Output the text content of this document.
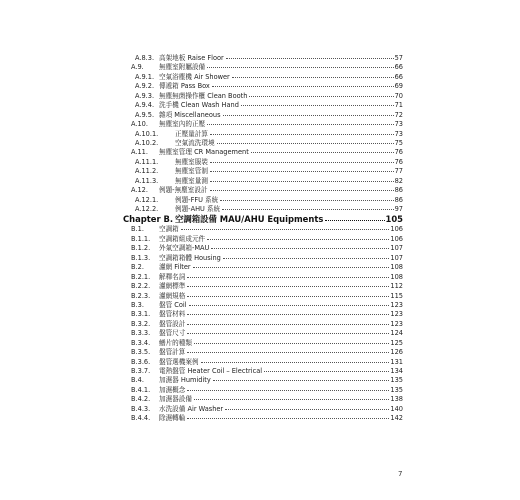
A.8.3. 高架地板 Raise Floor	57
A.9. 無塵室附屬設備	66
A.9.1. 空氣浴塵機 Air Shower	66
A.9.2. 傳遞箱 Pass Box	69
A.9.3. 無塵無菌操作櫃 Clean Booth	70
A.9.4. 洗手機 Clean Wash Hand	71
A.9.5. 雜項 Miscellaneous	72
A.10. 無塵室內的正壓	73
A.10.1.	正壓量計算	73
A.10.2.	空氣流洗環境	75
A.11. 無塵室管理 CR Management	76
A.11.1.	無塵室服裝	76
A.11.2.	無塵室管制	77
A.11.3.	無塵室量測	82
A.12. 例題-無塵室設計	86
A.12.1.	例題-FFU 系統	86
A.12.2.	例題-AHU 系統	97
Chapter B. 空調箱設備 MAU/AHU Equipments	105
B.1. 空調箱	106
B.1.1. 空調箱組成元件	106
B.1.2. 外氣空調箱-MAU	107
B.1.3. 空調箱箱體 Housing	107
B.2. 濾網 Filter	108
B.2.1. 解釋名詞	108
B.2.2. 濾網標準	112
B.2.3. 濾網規格	115
B.3. 盤管 Coil	123
B.3.1. 盤管材料	123
B.3.2. 盤管設計	123
B.3.3. 盤管尺寸	124
B.3.4. 鰭片的種類	125
B.3.5. 盤管計算	126
B.3.6. 盤管選機案例	131
B.3.7. 電熱盤管 Heater Coil – Electrical	134
B.4. 加濕器 Humidity	135
B.4.1. 加濕概念	135
B.4.2. 加濕器設備	138
B.4.3. 水洗設備 Air Washer	140
B.4.4. 除濕轉輪	142
7
